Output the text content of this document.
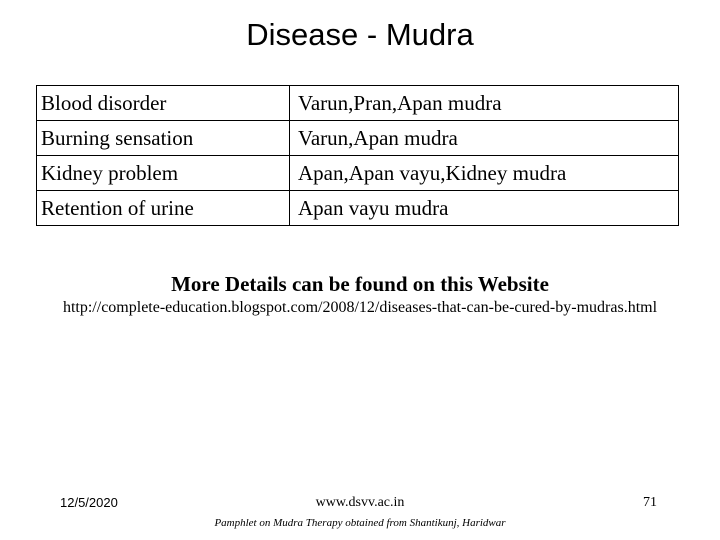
Disease - Mudra
Blood disorder	Varun,Pran,Apan mudra
Burning sensation	Varun,Apan mudra
Kidney problem	Apan,Apan vayu,Kidney mudra
Retention of urine	Apan vayu mudra
More Details can be found on this Website
http://complete-education.blogspot.com/2008/12/diseases-that-can-be-cured-by-mudras.html
12/5/2020	www.dsvv.ac.in	71
Pamphlet on Mudra Therapy obtained from Shantikunj, Haridwar
